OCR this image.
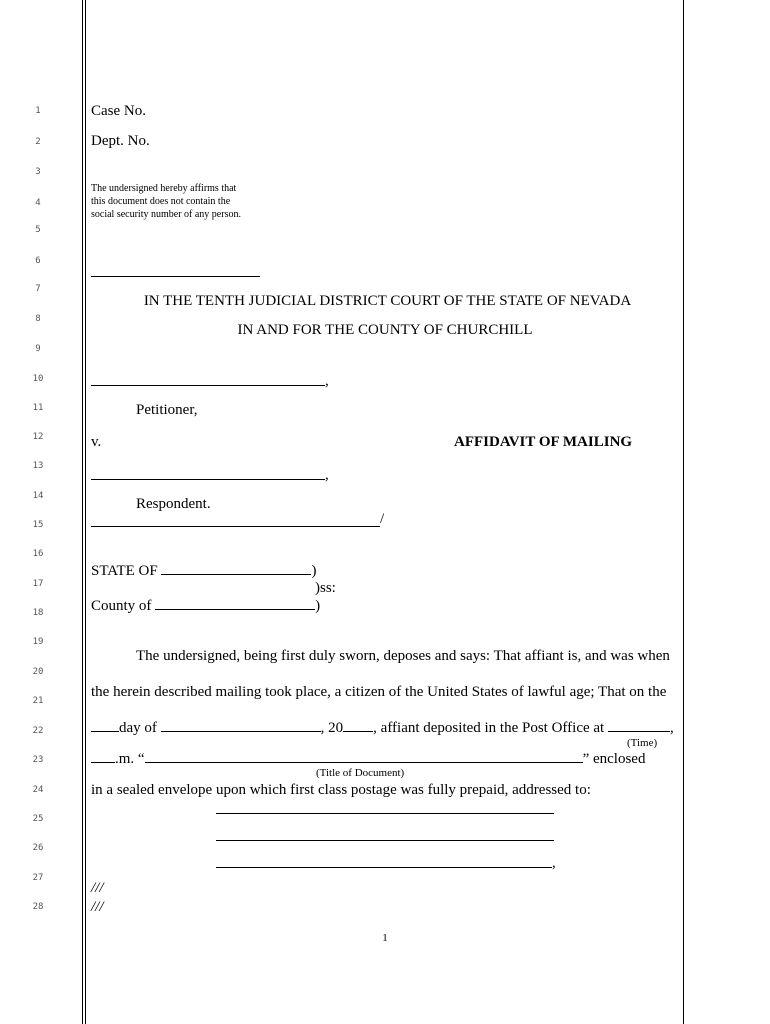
1
2
3
4
5
6
7
8
9
10
11
12
13
14
15
16
17
18
19
20
21
22
23
24
25
26
27
28
Case No.
Dept. No.
The undersigned hereby affirms that
this document does not contain the
social security number of any person.
IN THE TENTH JUDICIAL DISTRICT COURT OF THE STATE OF NEVADA
IN AND FOR THE COUNTY OF CHURCHILL
,
Petitioner,
v.	AFFIDAVIT OF MAILING
,
Respondent.
/
STATE OF	)
)ss:
County of	)
The undersigned, being first duly sworn, deposes and says: That affiant is, and was when
the herein described mailing took place, a citizen of the United States of lawful age; That on the
day of	, 20 , affiant deposited in the Post Office at	,
(Time)
.m. “	” enclosed
(Title of Document)
in a sealed envelope upon which first class postage was fully prepaid, addressed to:
,
///
///
1
